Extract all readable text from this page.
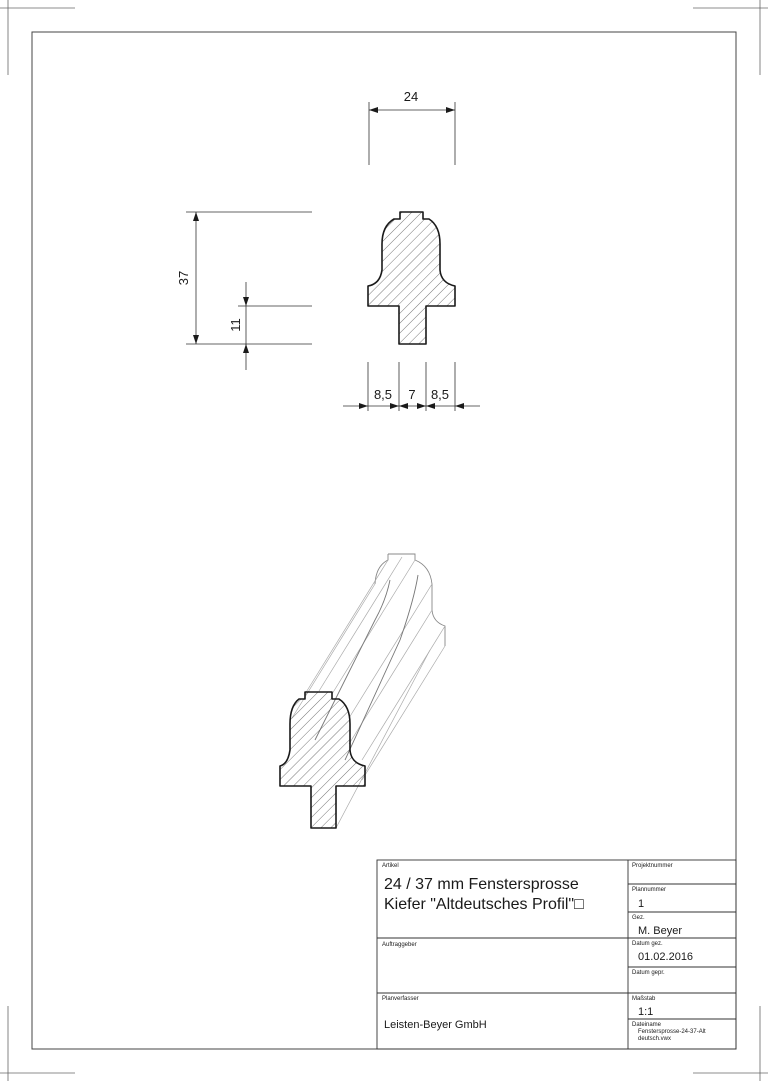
24
37
11
8,5 7 8,5
Artikel
24 / 37 mm Fenstersprosse
Kiefer "Altdeutsches Profil"□
Auftraggeber
Planverfasser
Leisten-Beyer GmbH
Projektnummer
Plannummer
1
Gez.
M. Beyer
Datum gez.
01.02.2016
Datum gepr.
Maßstab
1:1
Dateiname
Fenstersprosse-24-37-Alt
deutsch.vwx
